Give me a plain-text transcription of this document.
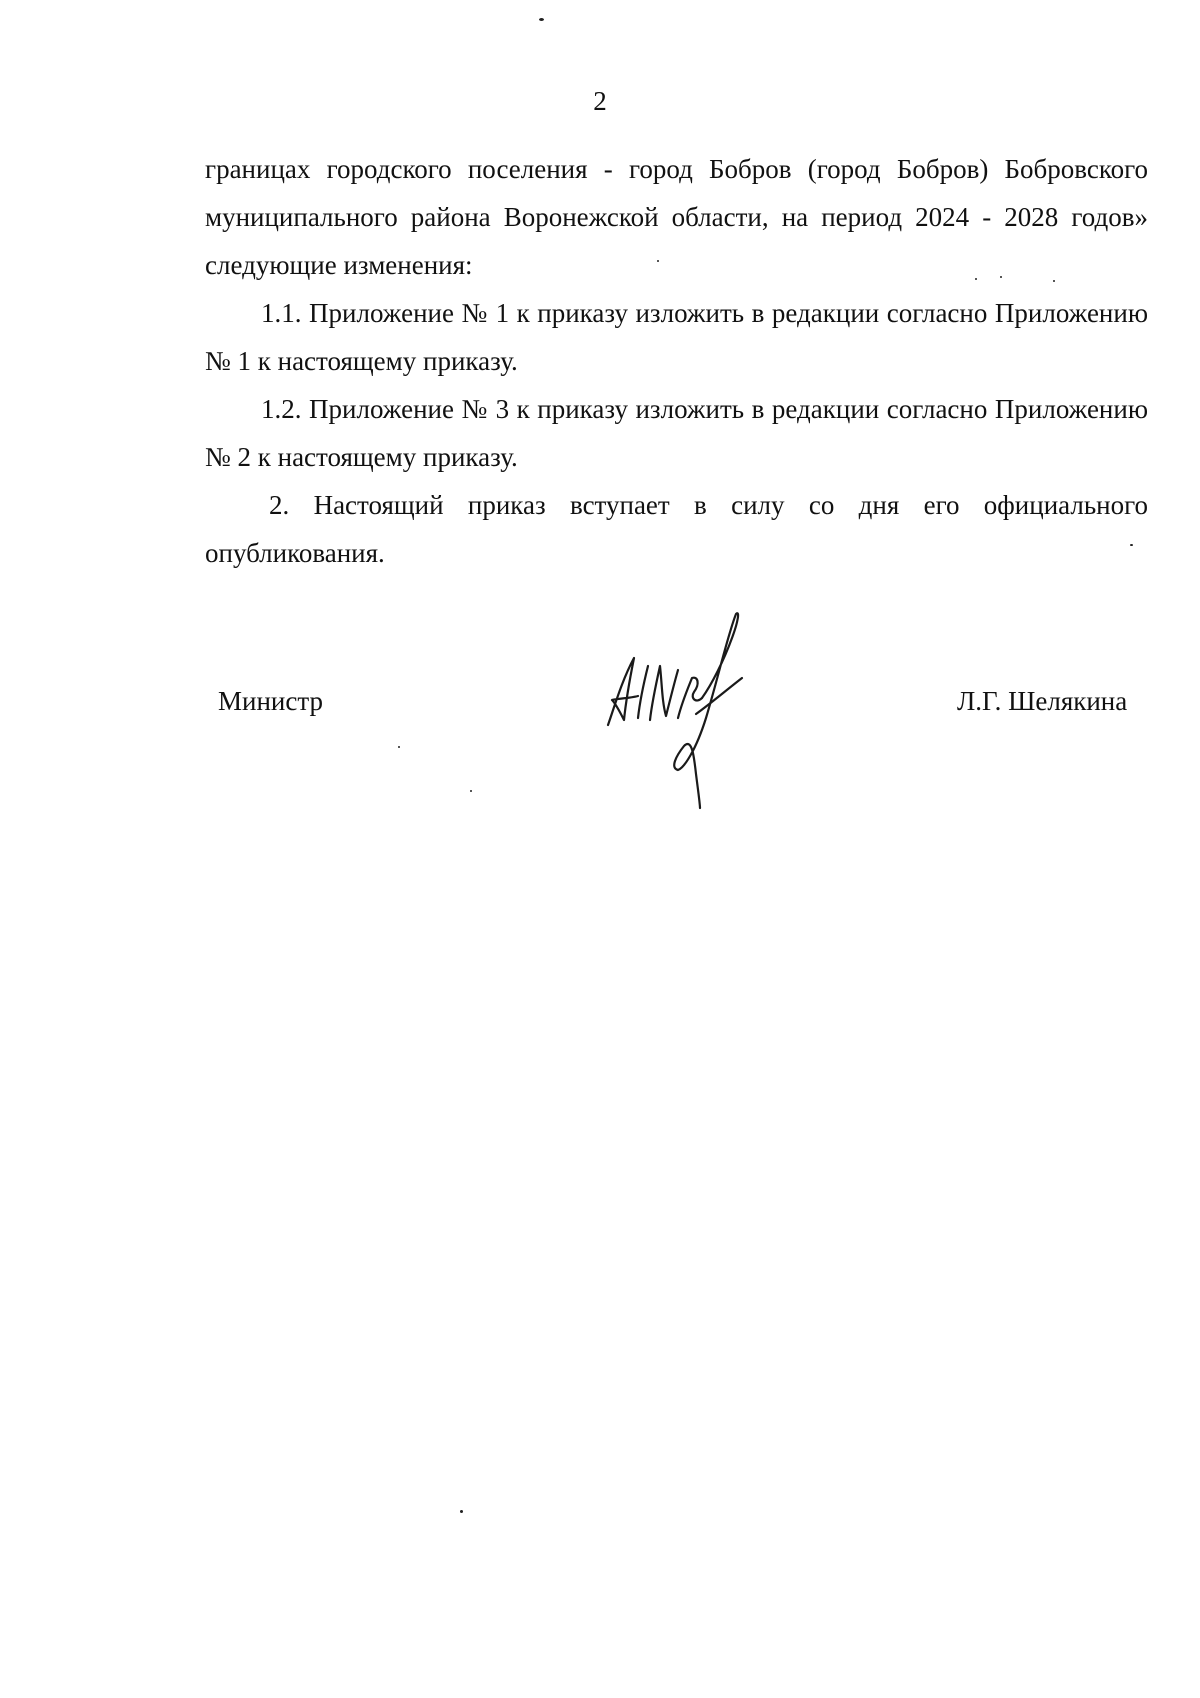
2

границах городского поселения - город Бобров (город Бобров) Бобровского муниципального района Воронежской области, на период 2024 - 2028 годов» следующие изменения:

1.1. Приложение № 1 к приказу изложить в редакции согласно Приложению № 1 к настоящему приказу.

1.2. Приложение № 3 к приказу изложить в редакции согласно Приложению № 2 к настоящему приказу.

2. Настоящий приказ вступает в силу со дня его официального опубликования.

Министр	Л.Г. Шелякина
